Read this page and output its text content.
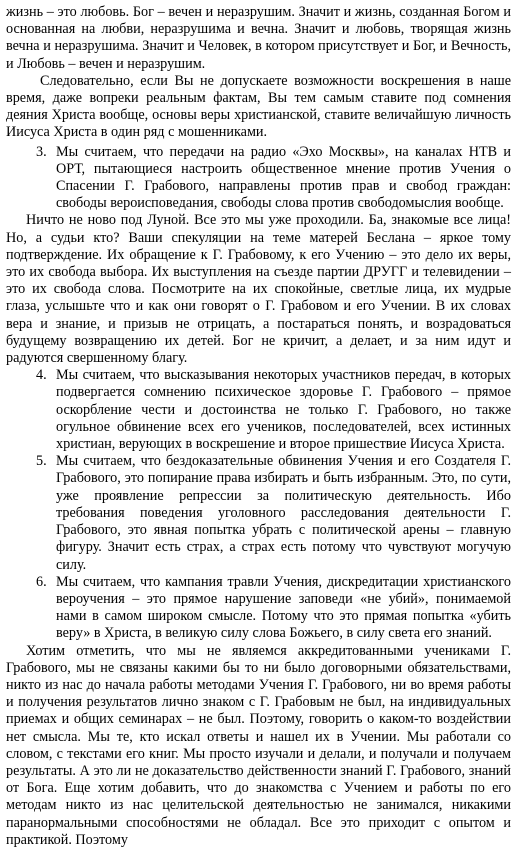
жизнь – это любовь. Бог – вечен и неразрушим. Значит и жизнь, созданная Богом и основанная на любви, неразрушима и вечна. Значит и любовь, творящая жизнь вечна и неразрушима. Значит и Человек, в котором присутствует и Бог, и Вечность, и Любовь – вечен и неразрушим.

Следовательно, если Вы не допускаете возможности воскрешения в наше время, даже вопреки реальным фактам, Вы тем самым ставите под сомнения деяния Христа вообще, основы веры христианской, ставите величайшую личность Иисуса Христа в один ряд с мошенниками.

3. Мы считаем, что передачи на радио «Эхо Москвы», на каналах НТВ и ОРТ, пытающиеся настроить общественное мнение против Учения о Спасении Г. Грабового, направлены против прав и свобод граждан: свободы вероисповедания, свободы слова против свободомыслия вообще.

Ничто не ново под Луной. Все это мы уже проходили. Ба, знакомые все лица! Но, а судьи кто? Ваши спекуляции на теме матерей Беслана – яркое тому подтверждение. Их обращение к Г. Грабовому, к его Учению – это дело их веры, это их свобода выбора. Их выступления на съезде партии ДРУГГ и телевидении – это их свобода слова. Посмотрите на их спокойные, светлые лица, их мудрые глаза, услышьте что и как они говорят о Г. Грабовом и его Учении. В их словах вера и знание, и призыв не отрицать, а постараться понять, и возрадоваться будущему возвращению их детей. Бог не кричит, а делает, и за ним идут и радуются свершенному благу.

4. Мы считаем, что высказывания некоторых участников передач, в которых подвергается сомнению психическое здоровье Г. Грабового – прямое оскорбление чести и достоинства не только Г. Грабового, но также огульное обвинение всех его учеников, последователей, всех истинных христиан, верующих в воскрешение и второе пришествие Иисуса Христа.
5. Мы считаем, что бездоказательные обвинения Учения и его Создателя Г. Грабового, это попирание права избирать и быть избранным. Это, по сути, уже проявление репрессии за политическую деятельность. Ибо требования поведения уголовного расследования деятельности Г. Грабового, это явная попытка убрать с политической арены – главную фигуру. Значит есть страх, а страх есть потому что чувствуют могучую силу.
6. Мы считаем, что кампания травли Учения, дискредитации христианского вероучения – это прямое нарушение заповеди «не убий», понимаемой нами в самом широком смысле. Потому что это прямая попытка «убить веру» в Христа, в великую силу слова Божьего, в силу света его знаний.

Хотим отметить, что мы не являемся аккредитованными учениками Г. Грабового, мы не связаны какими бы то ни было договорными обязательствами, никто из нас до начала работы методами Учения Г. Грабового, ни во время работы и получения результатов лично знаком с Г. Грабовым не был, на индивидуальных приемах и общих семинарах – не был. Поэтому, говорить о каком-то воздействии нет смысла. Мы те, кто искал ответы и нашел их в Учении. Мы работали со словом, с текстами его книг. Мы просто изучали и делали, и получали и получаем результаты. А это ли не доказательство действенности знаний Г. Грабового, знаний от Бога. Еще хотим добавить, что до знакомства с Учением и работы по его методам никто из нас целительской деятельностью не занимался, никакими паранормальными способностями не обладал. Все это приходит с опытом и практикой. Поэтому
